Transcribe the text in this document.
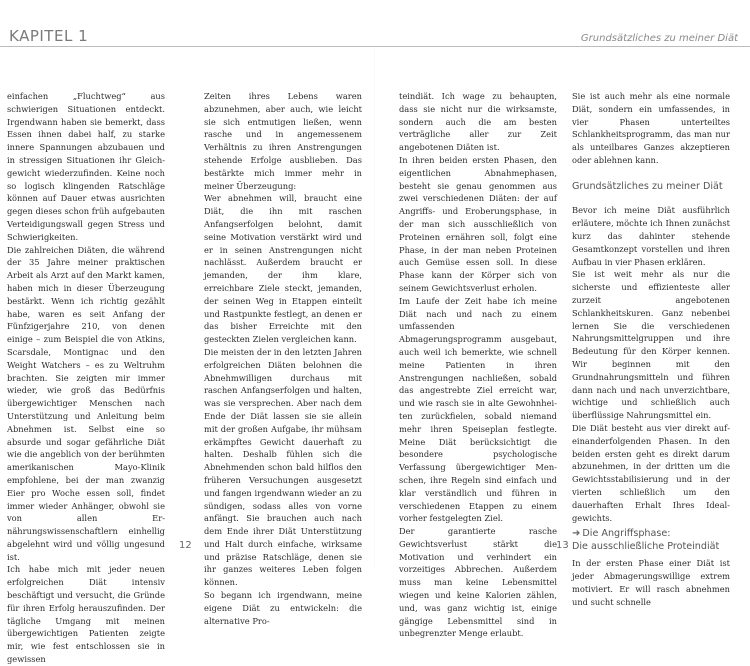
KAPITEL 1	Grundsätzliches zu meiner Diät

einfachen „Fluchtweg“ aus schwierigen Situationen entdeckt. Irgendwann haben sie bemerkt, dass Essen ihnen dabei half, zu starke innere Spannungen abzubauen und in stressigen Situationen ihr Gleichgewicht wiederzufinden. Keine noch so logisch klingenden Ratschläge können auf Dauer etwas ausrichten gegen dieses schon früh aufgebauten Verteidigungswall gegen Stress und Schwierigkeiten.

Die zahlreichen Diäten, die während der 35 Jahre meiner praktischen Arbeit als Arzt auf den Markt kamen, haben mich in dieser Überzeugung bestärkt. Wenn ich richtig gezählt habe, waren es seit Anfang der Fünfzigerjahre 210, von denen einige – zum Beispiel die von Atkins, Scarsdale, Montignac und den Weight Watchers – es zu Weltruhm brachten. Sie zeigten mir immer wieder, wie groß das Bedürfnis übergewichtiger Menschen nach Unterstützung und Anleitung beim Abnehmen ist. Selbst eine so absurde und sogar gefährliche Diät wie die angeblich von der berühmten amerikanischen Mayo-Klinik empfohlene, bei der man zwanzig Eier pro Woche essen soll, findet immer wieder Anhänger, obwohl sie von allen Ernährungswissenschaftlern einhellig abgelehnt wird und völlig ungesund ist.

Ich habe mich mit jeder neuen erfolgreichen Diät intensiv beschäftigt und versucht, die Gründe für ihren Erfolg herauszufinden. Der tägliche Umgang mit meinen übergewichtigen Patienten zeigte mir, wie fest entschlossen sie in gewissen

Zeiten ihres Lebens waren abzunehmen, aber auch, wie leicht sie sich entmutigen ließen, wenn rasche und in angemessenem Verhältnis zu ihren Anstrengungen stehende Erfolge ausblieben. Das bestärkte mich immer mehr in meiner Überzeugung:

Wer abnehmen will, braucht eine Diät, die ihn mit raschen Anfangserfolgen belohnt, damit seine Motivation verstärkt wird und er in seinen Anstrengungen nicht nachlässt. Außerdem braucht er jemanden, der ihm klare, erreichbare Ziele steckt, jemanden, der seinen Weg in Etappen einteilt und Rastpunkte festlegt, an denen er das bisher Erreichte mit den gesteckten Zielen vergleichen kann.

Die meisten der in den letzten Jahren erfolgreichen Diäten belohnen die Abnehmwilligen durchaus mit raschen Anfangserfolgen und halten, was sie versprechen. Aber nach dem Ende der Diät lassen sie sie allein mit der großen Aufgabe, ihr mühsam erkämpftes Gewicht dauerhaft zu halten. Deshalb fühlen sich die Abnehmenden schon bald hilflos den früheren Versuchungen ausgesetzt und fangen irgendwann wieder an zu sündigen, sodass alles von vorne anfängt. Sie brauchen auch nach dem Ende ihrer Diät Unterstützung und Halt durch einfache, wirksame und präzise Ratschläge, denen sie ihr ganzes weiteres Leben folgen können.

So begann ich irgendwann, meine eigene Diät zu entwickeln: die alternative Pro-

teindiät. Ich wage zu behaupten, dass sie nicht nur die wirksamste, sondern auch die am besten verträgliche aller zur Zeit angebotenen Diäten ist.

In ihren beiden ersten Phasen, den eigentlichen Abnahmephasen, besteht sie genau genommen aus zwei verschiedenen Diäten: der auf Angriffs- und Eroberungsphase, in der man sich ausschließlich von Proteinen ernähren soll, folgt eine Phase, in der man neben Proteinen auch Gemüse essen soll. In diese Phase kann der Körper sich von seinem Gewichtsverlust erholen.

Im Laufe der Zeit habe ich meine Diät nach und nach zu einem umfassenden Abmagerungsprogramm ausgebaut, auch weil ich bemerkte, wie schnell meine Patienten in ihren Anstrengungen nachließen, sobald das angestrebte Ziel erreicht war, und wie rasch sie in alte Gewohnheiten zurückfielen, sobald niemand mehr ihren Speiseplan festlegte. Meine Diät berücksichtigt die besondere psychologische Verfassung übergewichtiger Menschen, ihre Regeln sind einfach und klar verständlich und führen in verschiedenen Etappen zu einem vorher festgelegten Ziel.

Der garantierte rasche Gewichtsverlust stärkt die Motivation und verhindert ein vorzeitiges Abbrechen. Außerdem muss man keine Lebensmittel wiegen und keine Kalorien zählen, und, was ganz wichtig ist, einige gängige Lebensmittel sind in unbegrenzter Menge erlaubt.

Sie ist auch mehr als eine normale Diät, sondern ein umfassendes, in vier Phasen unterteiltes Schlankheitsprogramm, das man nur als unteilbares Ganzes akzeptieren oder ablehnen kann.

Grundsätzliches zu meiner Diät

Bevor ich meine Diät ausführlich erläutere, möchte ich Ihnen zunächst kurz das dahinter stehende Gesamtkonzept vorstellen und ihren Aufbau in vier Phasen erklären.

Sie ist weit mehr als nur die sicherste und effizienteste aller zurzeit angebotenen Schlankheitskuren. Ganz nebenbei lernen Sie die verschiedenen Nahrungsmittelgruppen und ihre Bedeutung für den Körper kennen. Wir beginnen mit den Grundnahrungsmitteln und führen dann nach und nach unverzichtbare, wichtige und schließlich auch überflüssige Nahrungsmittel ein.

Die Diät besteht aus vier direkt aufeinanderfolgenden Phasen. In den beiden ersten geht es direkt darum abzunehmen, in der dritten um die Gewichtsstabilisierung und in der vierten schließlich um den dauerhaften Erhalt Ihres Idealgewichts.

➜ Die Angriffsphase:
Die ausschließliche Proteindiät

In der ersten Phase einer Diät ist jeder Abmagerungswillige extrem motiviert. Er will rasch abnehmen und sucht schnelle

12	13
